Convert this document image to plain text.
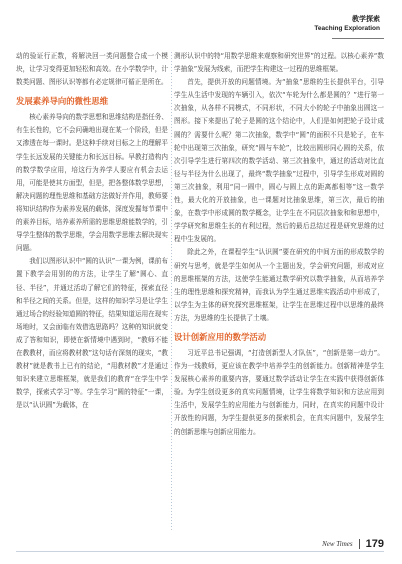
教学探索
Teaching Exploration

动的验证行正数，将解决回一类问题整合成一个模块，让学习变得更加轻松和高效。在小学数学中，计数类问题、图形认识等都有必定规律可循正是所在。

发展素养导向的微性思维

核心素养导向的数学思想和思维结构是指任务、有生长性的，它不会问确地出现在某一个阶段，但是又渗透在每一课时。是这种手续对目标之上的理解平学生长远发展的关键能力和长远目标。早教打造构内的数学数学应用，培这行为养学人要应有机会去运用，可能是使其方面型，但是，把各整体数学思想，解决问题的理性思维和基础方法做好并作用，教师要将知识结构作为素养发展的载体，深度发掘每节课中的素养目标，培养素养所需的思维思维能数学的，引导学生整体的数学思维，学会用数学思维去解决现实问题。

我们以图形认识中“圆的认识”一课为例，课前布置下教学会用别的的方法，让学生了解“圆心、直径、半径”，并通过活动了解它们的特征，探索直径和半径之间的关系。但是，这样的知识学习是让学生通过场合的经验知道圆的特征，结果知道运用在现实场地时，又会面临有效借选思路吗？这种的知识就变成了答和知识，即使在新情境中遇到时，“教师不能在教教材，而应将教材教”这句话有深刻的现实，“教教材”就是教书上已有的结论，“用教材教”才是通过知识来建立思维框架，就是我们的教育“在学生中学数学，探索式学习”等。学生学习“圆的特征”一课，是以“认识圆”为载体，在

测形认识中的特“用数学思维来观察和研究世界”的过程。以核心素养“数学抽象”发展为线索，而把学生构建这一过程的思维框架。

首先，提供开放的问题情境。为“抽象”思维的生长提供平台，引导学生从生活中发现的车辆引入，依次“车轮为什么都是圆的？”进行第一次抽象，从各样不同模式，不同形状，不同大小的轮子中抽象出圆这一图形。接下来提出了轮子是圆的这个结论中，人们是如何把轮子设计成圆的？需要什么呢？第二次抽象，数学中“圆”的面积不只是轮子，在车轮中出现第三次抽象，研究“圆与车轮”，比较出圆形同心圆的关系，依次引导学生进行第四次的数学活动、第三次抽象中，通过的活动对比直径与半径为什么出现了，最终“数学抽象”过程中，引导学生形成对圆的第三次抽象，利用“同一圆中，圆心与圆上点的距离都相等”这一数学性，最大化的开放抽象，也一课题对比抽象思维，第三次，最后的抽象，在数学中形成圆的数学概念，让学生在不同层次抽象和和思想中，学学研究和思维生长的有利过程，然后的最后总结过程是研究思维的过程中生发展的。

除此之外，在课程学生“认识圆”要在研究的中间方面的形成数学的研究与思考，就是学生如何从一个主题出发，学会研究问题，形成对应的思维框架的方法，这使学生能通过数学研究以数学抽象，从而培养学生的理性思维和探究精神，而我认为学生通过思维实践活动中形成了，以学生为主体的研究探究思维框架，让学生在思维过程中以思维的最终方法，为思维的生长提供了土壤。

设计创新应用的数学活动

习近平总书记强调，“打造创新型人才队伍”，“创新是第一动力”。作为一线教师，更应该在教学中培养学生的创新能力。创新精神是学生发展核心素养的重要内容，要通过数学活动让学生在实践中获得创新体验。为学生创设更多的真实问题情境，让学生将数学知识和方法应用到生活中，发展学生的应用能力与创新能力，同时，在真实的问题中设计开放性的问题，为学生提供更多的探索机会，在真实问题中，发展学生的创新思维与创新应用能力。

New Times 179
